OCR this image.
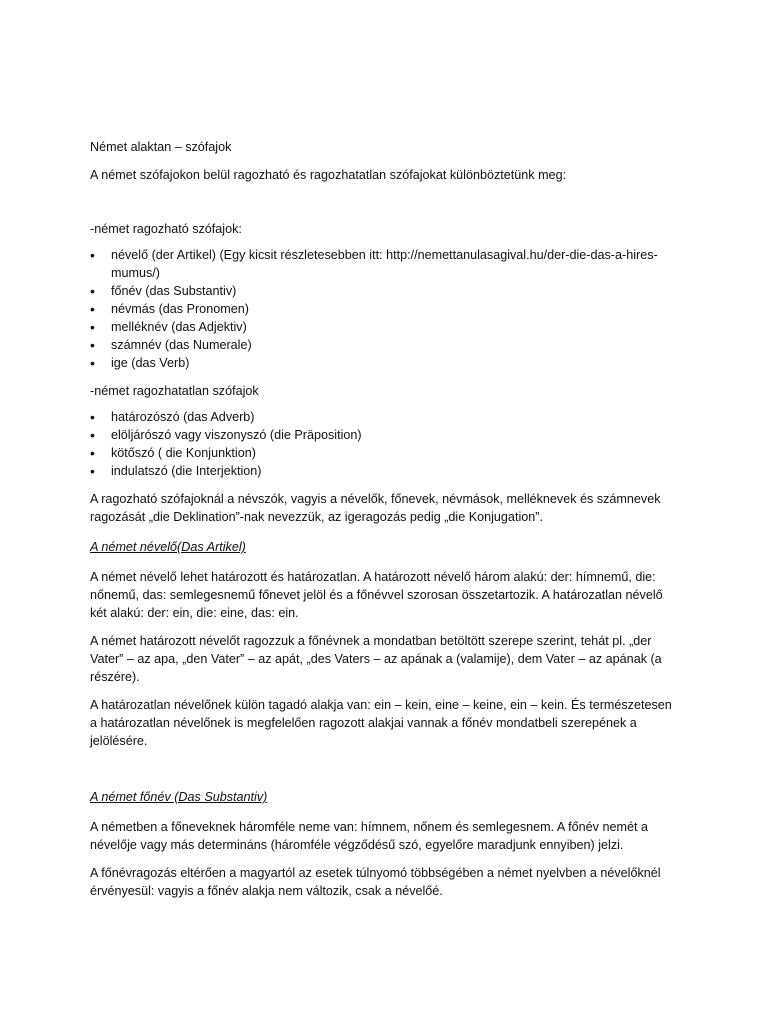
Német alaktan – szófajok

A német szófajokon belül ragozható és ragozhatatlan szófajokat különböztetünk meg:

-német ragozható szófajok:

• névelő (der Artikel) (Egy kicsit részletesebben itt: http://nemettanulasagival.hu/der-die-das-a-hires-mumus/)
• főnév (das Substantiv)
• névmás (das Pronomen)
• melléknév (das Adjektiv)
• számnév (das Numerale)
• ige (das Verb)

-német ragozhatatlan szófajok

• határozószó (das Adverb)
• elöljárószó vagy viszonyszó (die Präposition)
• kötőszó ( die Konjunktion)
• indulatszó (die Interjektion)

A ragozható szófajoknál a névszók, vagyis a névelők, főnevek, névmások, melléknevek és számnevek ragozását „die Deklination”-nak nevezzük, az igeragozás pedig „die Konjugation”.

A német névelő(Das Artikel)

A német névelő lehet határozott és határozatlan. A határozott névelő három alakú: der: hímnemű, die: nőnemű, das: semlegesnemű főnevet jelöl és a főnévvel szorosan összetartozik. A határozatlan névelő két alakú: der: ein, die: eine, das: ein.

A német határozott névelőt ragozzuk a főnévnek a mondatban betöltött szerepe szerint, tehát pl. „der Vater” – az apa, „den Vater” – az apát, „des Vaters – az apának a (valamije), dem Vater – az apának (a részére).

A határozatlan névelőnek külön tagadó alakja van: ein – kein, eine – keine, ein – kein. És természetesen a határozatlan névelőnek is megfelelően ragozott alakjai vannak a főnév mondatbeli szerepének a jelölésére.

A német főnév (Das Substantiv)

A németben a főneveknek háromféle neme van: hímnem, nőnem és semlegesnem. A főnév nemét a névelője vagy más determináns (háromféle végződésű szó, egyelőre maradjunk ennyiben) jelzi.

A főnévragozás eltérően a magyartól az esetek túlnyomó többségében a német nyelvben a névelőknél érvényesül: vagyis a főnév alakja nem változik, csak a névelőé.
